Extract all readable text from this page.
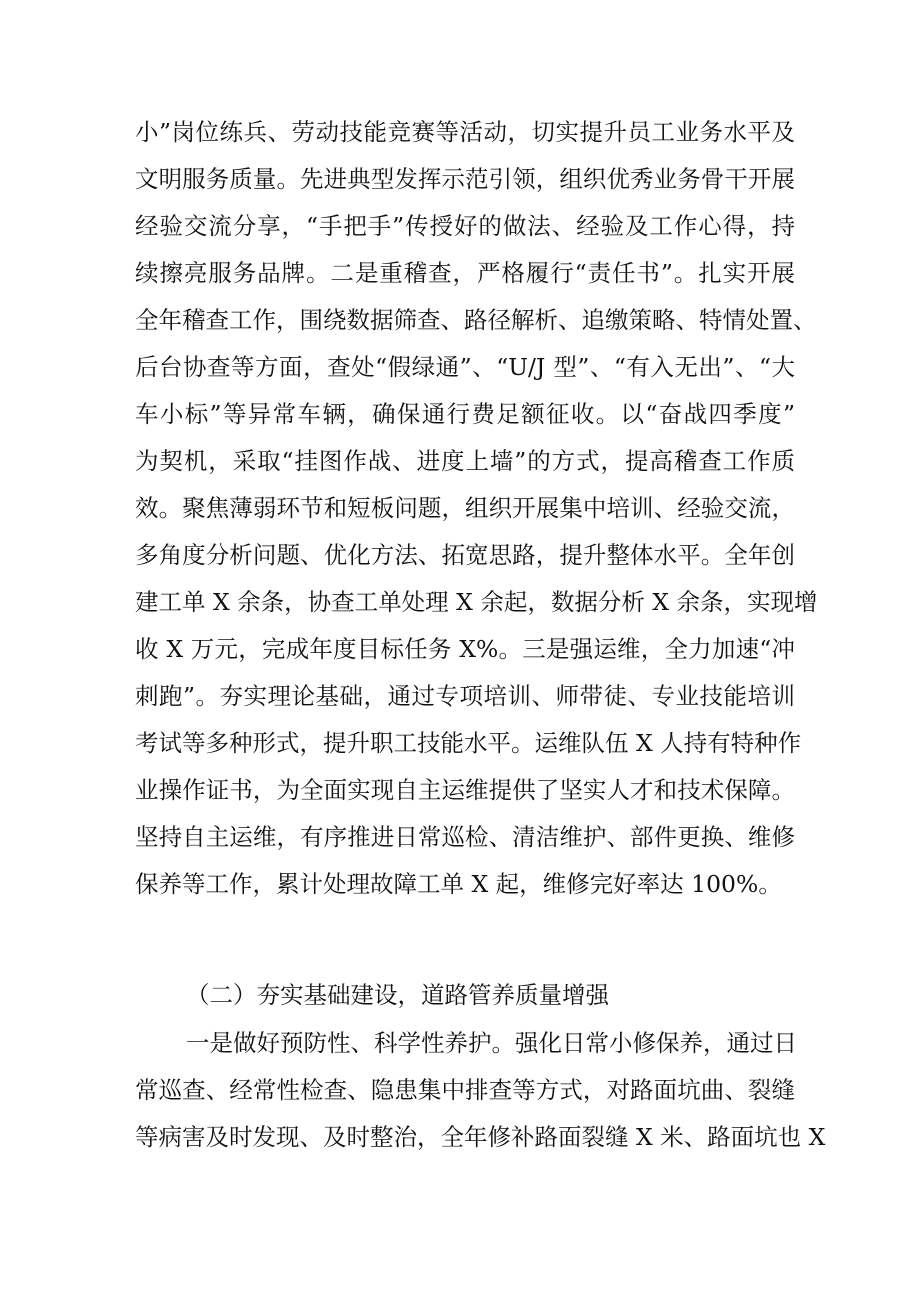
小”岗位练兵、劳动技能竞赛等活动，切实提升员工业务水平及
文明服务质量。先进典型发挥示范引领，组织优秀业务骨干开展
经验交流分享，“手把手”传授好的做法、经验及工作心得，持
续擦亮服务品牌。二是重稽查，严格履行“责任书”。扎实开展
全年稽查工作，围绕数据筛查、路径解析、追缴策略、特情处置、
后台协查等方面，查处“假绿通”、“U/J 型”、“有入无出”、“大
车小标”等异常车辆，确保通行费足额征收。以“奋战四季度”
为契机，采取“挂图作战、进度上墙”的方式，提高稽查工作质
效。聚焦薄弱环节和短板问题，组织开展集中培训、经验交流，
多角度分析问题、优化方法、拓宽思路，提升整体水平。全年创
建工单 X 余条，协查工单处理 X 余起，数据分析 X 余条，实现增
收 X 万元，完成年度目标任务 X%。三是强运维，全力加速“冲
刺跑”。夯实理论基础，通过专项培训、师带徒、专业技能培训
考试等多种形式，提升职工技能水平。运维队伍 X 人持有特种作
业操作证书，为全面实现自主运维提供了坚实人才和技术保障。
坚持自主运维，有序推进日常巡检、清洁维护、部件更换、维修
保养等工作，累计处理故障工单 X 起，维修完好率达 100%。
（二）夯实基础建设，道路管养质量增强
一是做好预防性、科学性养护。强化日常小修保养，通过日
常巡查、经常性检查、隐患集中排查等方式，对路面坑曲、裂缝
等病害及时发现、及时整治，全年修补路面裂缝 X 米、路面坑也 X
